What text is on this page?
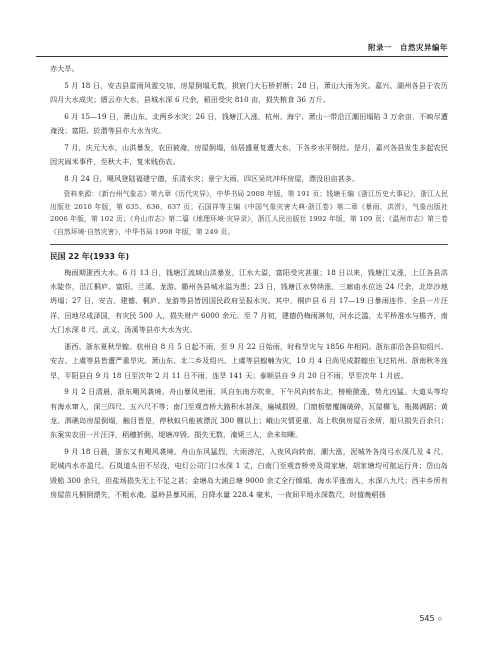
附录一　自然灾异编年

赤大旱。

5 月 18 日，安吉县雷雨风雹交加，房屋倒塌无数，拱宸门大石桥折断；28 日，萧山大雨为灾。嘉兴、湖州各县于农历四月大水成灾；缙云亦大水，县城水深 6 尺余，稻田受灾 810 亩，损失粮食 36 万斤。

6 月 15—19 日，萧山东、北两乡水灾；26 日，钱塘江入涨，杭州、海宁、萧山一带沿江潮田塌陷 3 万余亩，不映尽遭淹没；富阳、於潜等县亦大水为灾。

7 月，庆元大水，山洪暴发，农田被淹，房屋倒塌，仙居盛夏复遭大水，下各乡水平钢灶。是月，嘉兴各县发生多起农民因灾闹米事件，至秋大丰，复米贱伤农。

8 月 24 日，飓风登陆福建宁德，乐清水灾；景宁大雨，四区吴坑冲坏房屋，漂没田亩甚多。

资料来源：《新台州气象志》第九章《历代灾异》，中华书局 2008 年版，第 191 页；钱塘王编《浙江历史大事记》，浙江人民出版社 2010 年版，第 635、636、637 页；石国祥等主编《中国气象灾害大典·浙江卷》第二章《暴雨、洪涝》，气象出版社 2006 年版，第 102 页；《舟山市志》第二篇《地理环境·灾异录》，浙江人民出版社 1992 年版，第 109 页；《温州市志》第三卷《自然环境·自然灾害》，中华书局 1998 年版，第 249 页。

民国 22 年(1933 年)

梅雨期浙西大水。6 月 13 日，钱塘江流域山洪暴发，江水大溢，富阳受灾甚重；18 日以来，钱塘江又涨，上江各县洪水陡作，沿江桐庐、富阳、兰溪、龙游、衢州各县城水溢为患；23 日，钱塘江水势续涨，三廊庙水位达 24 尺余，北岸沙地坍塌；27 日，安吉、建德、桐庐、龙游等县皆因国民政府呈报水灾。其中，桐庐县 6 月 17—19 日暴雨连作，全县一片汪洋，田地尽成泽国，有灾民 500 人，损失财产 6000 余元。至 7 月初，建德仍梅雨淋旬，河水泛滥，太平桥淮水与檐齐，南大门水深 8 尺。武义、汤溪等县亦大水为灾。

浙西、浙东夏秋旱蝗。杭州自 8 月 5 日起不雨，至 9 月 22 日始雨，时称旱灾与 1856 年相同。浙东部沿各县如绍兴、安吉、上虞等县皆遭严重旱灾。萧山东、北二乡及绍兴、上虞等县蝗蝻为灾，10 月 4 日尚见成群蝗虫飞过杭州。浙南秋冬连旱，平阳县自 9 月 18 日至次年 2 月 11 日不雨，连旱 141 天；泰顺县自 9 月 20 日不雨，旱至次年 1 月底。

9 月 2 日清晨，浙东飓风袭境。舟山暴风密雨，风自东南方吹来，下午风向转东北，榜桅掀涨，势尤凶猛。大道头等均有海水窜入，深三四尺、五六尺不等；南门至观音桥大路积水甚深，遍城损毁，门窗板壁覆搁破碎，瓦屋橫飞，瓶揭满蹈；黄龙、泗礁岛房屋倒塌，触目皆是，停秋蚁只能被漂沉 300 艘以上；峨山灾情更重，岛上吹倒房屋百余所，船只损失百余只；东案实农田一片汪洋，稻穗折倒、堤塘冲毁、损失无数，淹毙三人，余未知晰。

9 月 18 日晨，浙东又有飓风袭境。舟山东风猛烈，大雨滂沱，入夜风向转南，潮大涨，泥城外各岗弓水深几及 4 尺，泥城内水亦盈尺。石岚道头田不尽没，电灯公司门口水深 1 丈，白南门至观音桥旁及周家塘，胡家塘均可航运行舟；岱山岛毁船 300 余只，但盐场损失无上不足之甚；金塘岛大浦总塘 9000 余丈全行倾塌，海水平涨南人，水深八九尺；西丰乡所有房屋苗凡桐倒漂失，不粗水淹。温岭县暴风雨，日降水量 228.4 毫米，一夜间平地水深数尺，时值晚稻扬

545 ◎
